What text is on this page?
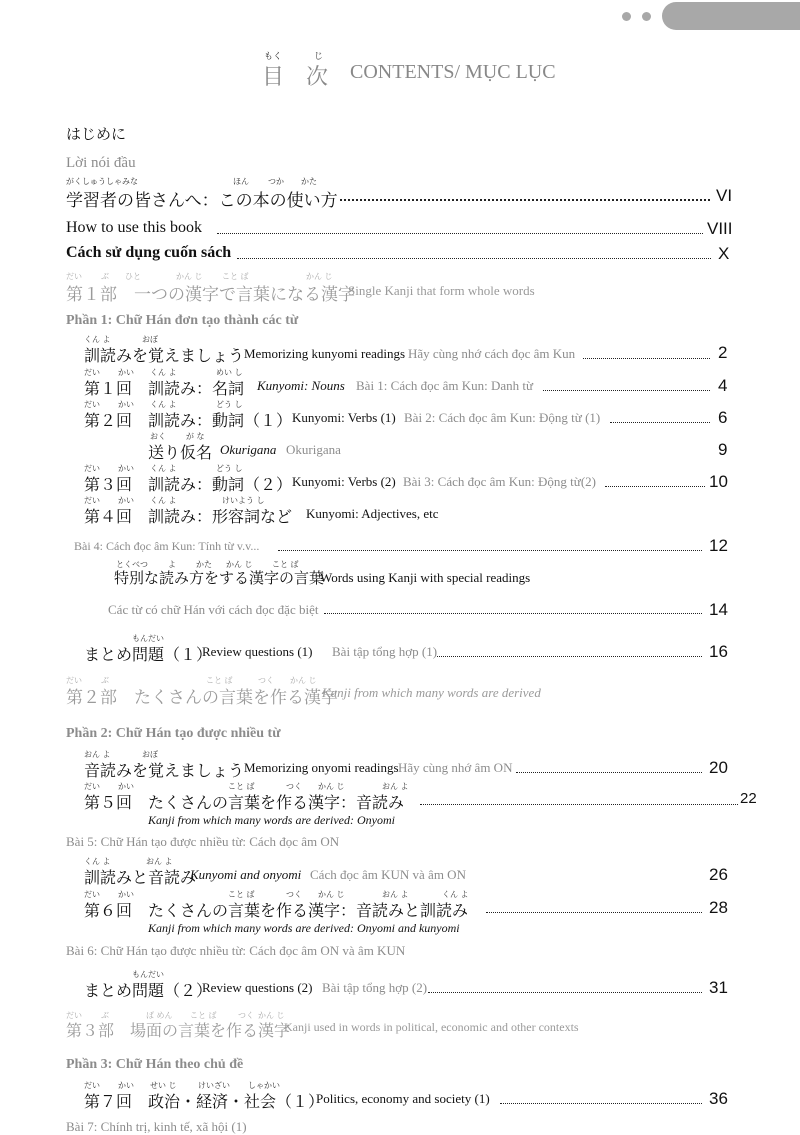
もく	じ
目　次 CONTENTS/ MỤC LỤC
はじめに
Lời nói đầu
がくしゅうしゃ みな	ほん つか かた
学習者の皆さんへ：この本の使い方	VI
How to use this book	VIII
Cách sử dụng cuốn sách	X
だい ぶ ひと	かん じ こと ば	かん じ
第１部　一つの漢字で言葉になる漢字
Single Kanji that form whole words
Phần 1: Chữ Hán đơn tạo thành các từ
くん よ	おぼ
訓読みを覚えましょう Memorizing kunyomi readings Hãy cùng nhớ cách đọc âm Kun	2
だい かい くん よ	めい し
第１回 訓読み：名詞 Kunyomi: Nouns Bài 1: Cách đọc âm Kun: Danh từ	4
だい かい くん よ	どう し
第２回 訓読み：動詞（１） Kunyomi: Verbs (1) Bài 2: Cách đọc âm Kun: Động từ (1)	6
おく	が な
送り仮名 Okurigana Okurigana	9
だい かい くん よ	どう し
第３回 訓読み：動詞（２） Kunyomi: Verbs (2) Bài 3: Cách đọc âm Kun: Động từ(2)	10
だい かい くん よ	けいよう し
第４回 訓読み：形容詞など Kunyomi: Adjectives, etc
Bài 4: Cách đọc âm Kun: Tính từ v.v...	12
とくべつ	よ	かた かん じ こと ば
特別な読み方をする漢字の言葉
Words using Kanji with special readings
Các từ có chữ Hán với cách đọc đặc biệt	14
もんだい
まとめ問題（１）
Review questions (1) Bài tập tổng hợp (1)	16
だい ぶ	こと ば	つく かん じ
第２部　たくさんの言葉を作る漢字
Kanji from which many words are derived
Phần 2: Chữ Hán tạo được nhiều từ
おん よ	おぼ
音読みを覚えましょう Memorizing onyomi readings Hãy cùng nhớ âm ON	20
だい かい	こと ば	つく かん じ	おん よ
第５回 たくさんの言葉を作る漢字：音読み	22
Kanji from which many words are derived: Onyomi
Bài 5: Chữ Hán tạo được nhiều từ: Cách đọc âm ON
くん よ	おん よ
訓読みと音読み
Kunyomi and onyomi Cách đọc âm KUN và âm ON	26
だい かい	こと ば	つく かん じ	おん よ	くん よ
第６回 たくさんの言葉を作る漢字：音読みと訓読み	28
Kanji from which many words are derived: Onyomi and kunyomi
Bài 6: Chữ Hán tạo được nhiều từ: Cách đọc âm ON và âm KUN
もんだい
まとめ問題（２）
Review questions (2) Bài tập tổng hợp (2)	31
だい ぶ	ば めん こと ば	つく かん じ
第３部　場面の言葉を作る漢字
Kanji used in words in political, economic and other contexts
Phần 3: Chữ Hán theo chủ đề
だい かい せい じ	けいざい しゃかい
第７回 政治・経済・社会（１）
Politics, economy and society (1)	36
Bài 7: Chính trị, kinh tế, xã hội (1)
